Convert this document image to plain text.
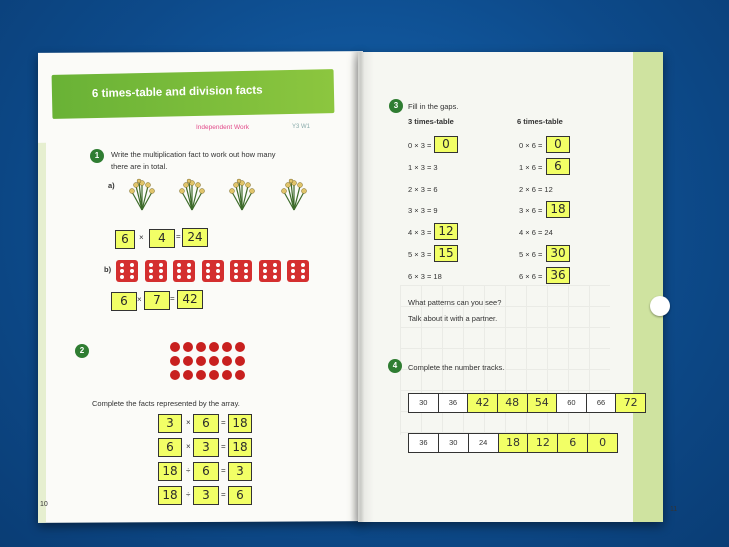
6 times-table and division facts
Independent Work	Y3 W1
1	Write the multiplication fact to work out how many
there are in total.
a)
6	×	4	= 24
b)
6	× 7	= 42
2
Complete the facts represented by the array.
3	× 6	= 18
6	× 3	= 18
18	÷ 6	= 3
18	÷ 3	= 6
10
3	Fill in the gaps.
3 times-table	6 times-table
0 × 3 = 0
1 × 3 = 3
2 × 3 = 6
3 × 3 = 9
4 × 3 = 12
5 × 3 = 15
6 × 3 = 18
0 × 6 = 0
1 × 6 = 6
2 × 6 = 12
3 × 6 = 18
4 × 6 = 24
5 × 6 = 30
6 × 6 = 36
What patterns can you see?
Talk about it with a partner.
4	Complete the number tracks.
30	36	42	48	54	60	66	72
36	30	24	18	12	6	0
11
